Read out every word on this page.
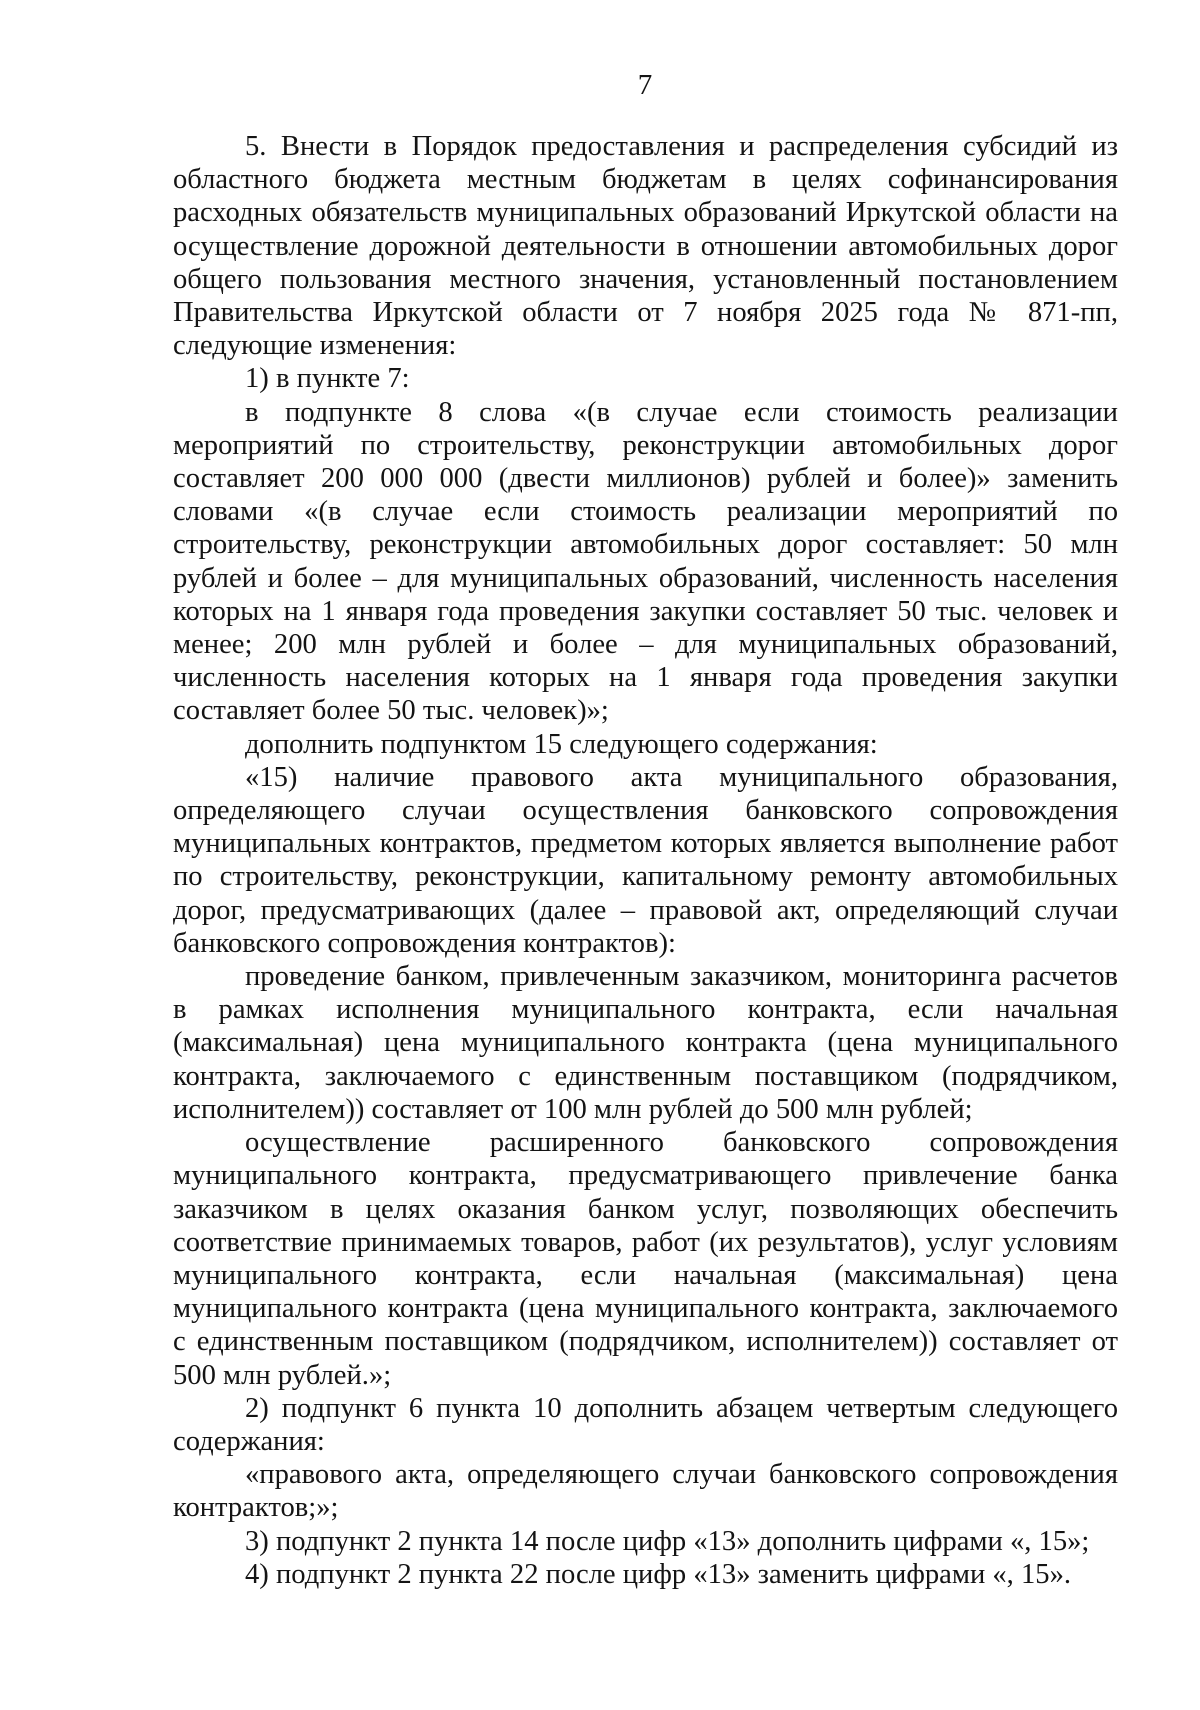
7

5. Внести в Порядок предоставления и распределения субсидий из областного бюджета местным бюджетам в целях софинансирования расходных обязательств муниципальных образований Иркутской области на осуществление дорожной деятельности в отношении автомобильных дорог общего пользования местного значения, установленный постановлением Правительства Иркутской области от 7 ноября 2025 года № 871-пп, следующие изменения:

1) в пункте 7:

в подпункте 8 слова «(в случае если стоимость реализации мероприятий по строительству, реконструкции автомобильных дорог составляет 200 000 000 (двести миллионов) рублей и более)» заменить словами «(в случае если стоимость реализации мероприятий по строительству, реконструкции автомобильных дорог составляет: 50 млн рублей и более – для муниципальных образований, численность населения которых на 1 января года проведения закупки составляет 50 тыс. человек и менее; 200 млн рублей и более – для муниципальных образований, численность населения которых на 1 января года проведения закупки составляет более 50 тыс. человек)»;

дополнить подпунктом 15 следующего содержания:

«15) наличие правового акта муниципального образования, определяющего случаи осуществления банковского сопровождения муниципальных контрактов, предметом которых является выполнение работ по строительству, реконструкции, капитальному ремонту автомобильных дорог, предусматривающих (далее – правовой акт, определяющий случаи банковского сопровождения контрактов):

проведение банком, привлеченным заказчиком, мониторинга расчетов в рамках исполнения муниципального контракта, если начальная (максимальная) цена муниципального контракта (цена муниципального контракта, заключаемого с единственным поставщиком (подрядчиком, исполнителем)) составляет от 100 млн рублей до 500 млн рублей;

осуществление расширенного банковского сопровождения муниципального контракта, предусматривающего привлечение банка заказчиком в целях оказания банком услуг, позволяющих обеспечить соответствие принимаемых товаров, работ (их результатов), услуг условиям муниципального контракта, если начальная (максимальная) цена муниципального контракта (цена муниципального контракта, заключаемого с единственным поставщиком (подрядчиком, исполнителем)) составляет от 500 млн рублей.»;

2) подпункт 6 пункта 10 дополнить абзацем четвертым следующего содержания:

«правового акта, определяющего случаи банковского сопровождения контрактов;»;

3) подпункт 2 пункта 14 после цифр «13» дополнить цифрами «, 15»;

4) подпункт 2 пункта 22 после цифр «13» заменить цифрами «, 15».
